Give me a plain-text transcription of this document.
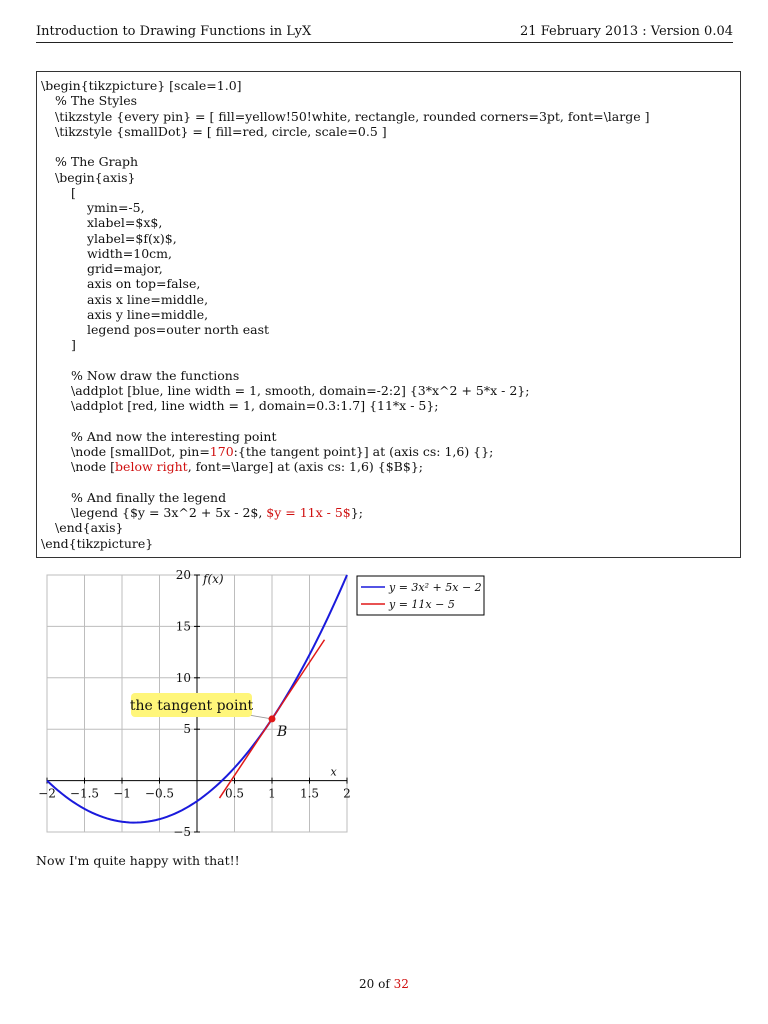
Introduction to Drawing Functions in LyX	21 February 2013 : Version 0.04
\begin{tikzpicture} [scale=1.0]
% The Styles
\tikzstyle {every pin} = [ fill=yellow!50!white, rectangle, rounded corners=3pt, font=\large ]
\tikzstyle {smallDot} = [ fill=red, circle, scale=0.5 ]
% The Graph
\begin{axis}
[
ymin=-5,
xlabel=$x$,
ylabel=$f(x)$,
width=10cm,
grid=major,
axis on top=false,
axis x line=middle,
axis y line=middle,
legend pos=outer north east
]
% Now draw the functions
\addplot [blue, line width = 1, smooth, domain=-2:2] {3*x^2 + 5*x - 2};
\addplot [red, line width = 1, domain=0.3:1.7] {11*x - 5};
% And now the interesting point
\node [smallDot, pin=170:{the tangent point}] at (axis cs: 1,6) {};
\node [below right, font=\large] at (axis cs: 1,6) {$B$};
% And finally the legend
\legend {$y = 3x^2 + 5x - 2$, $y = 11x - 5$};
\end{axis}
\end{tikzpicture}
−2 −1.5 −1 −0.5	0.5 1 1.5 2
−5
5
10
15
20
x
f(x)
the tangent point
B
y = 3x² + 5x − 2
y = 11x − 5
Now I'm quite happy with that!!
20 of 32
